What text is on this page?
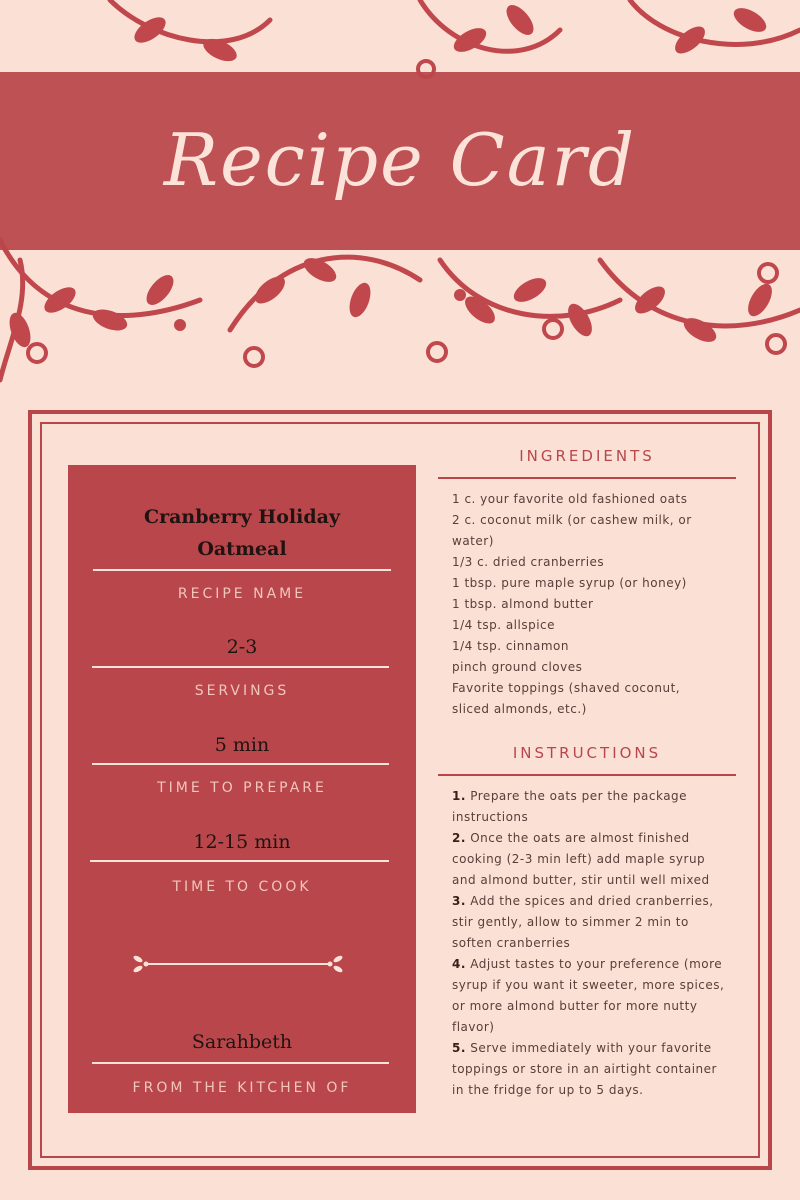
Recipe Card
Cranberry Holiday
Oatmeal
RECIPE NAME
2-3
SERVINGS
5 min
TIME TO PREPARE
12-15 min
TIME TO COOK
Sarahbeth
FROM THE KITCHEN OF
INGREDIENTS
1 c. your favorite old fashioned oats
2 c. coconut milk (or cashew milk, or
water)
1/3 c. dried cranberries
1 tbsp. pure maple syrup (or honey)
1 tbsp. almond butter
1/4 tsp. allspice
1/4 tsp. cinnamon
pinch ground cloves
Favorite toppings (shaved coconut,
sliced almonds, etc.)
INSTRUCTIONS
1. Prepare the oats per the package
instructions
2. Once the oats are almost finished
cooking (2-3 min left) add maple syrup
and almond butter, stir until well mixed
3. Add the spices and dried cranberries,
stir gently, allow to simmer 2 min to
soften cranberries
4. Adjust tastes to your preference (more
syrup if you want it sweeter, more spices,
or more almond butter for more nutty
flavor)
5. Serve immediately with your favorite
toppings or store in an airtight container
in the fridge for up to 5 days.
